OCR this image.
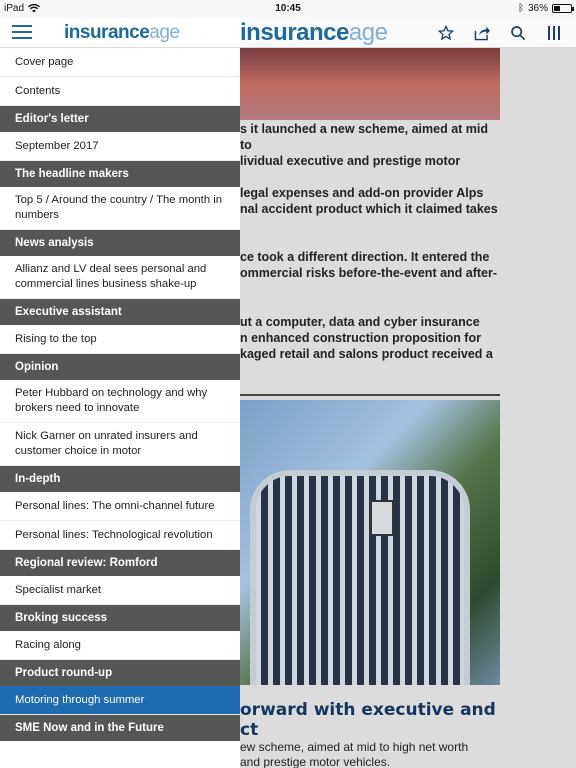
iPad	10:45	ᛒ 36%
insuranceage

s it launched a new scheme, aimed at mid to
lividual executive and prestige motor

legal expenses and add-on provider Alps
nal accident product which it claimed takes

ce took a different direction. It entered the
ommercial risks before-the-event and after-

ut a computer, data and cyber insurance
n enhanced construction proposition for
kaged retail and salons product received a

orward with executive and
ct

ew scheme, aimed at mid to high net worth
and prestige motor vehicles.

insuranceage
Cover page
Contents
Editor's letter
September 2017
The headline makers
Top 5 / Around the country / The month in numbers
News analysis
Allianz and LV deal sees personal and commercial lines business shake-up
Executive assistant
Rising to the top
Opinion
Peter Hubbard on technology and why brokers need to innovate
Nick Garner on unrated insurers and customer choice in motor
In-depth
Personal lines: The omni-channel future
Personal lines: Technological revolution
Regional review: Romford
Specialist market
Broking success
Racing along
Product round-up
Motoring through summer
SME Now and in the Future
